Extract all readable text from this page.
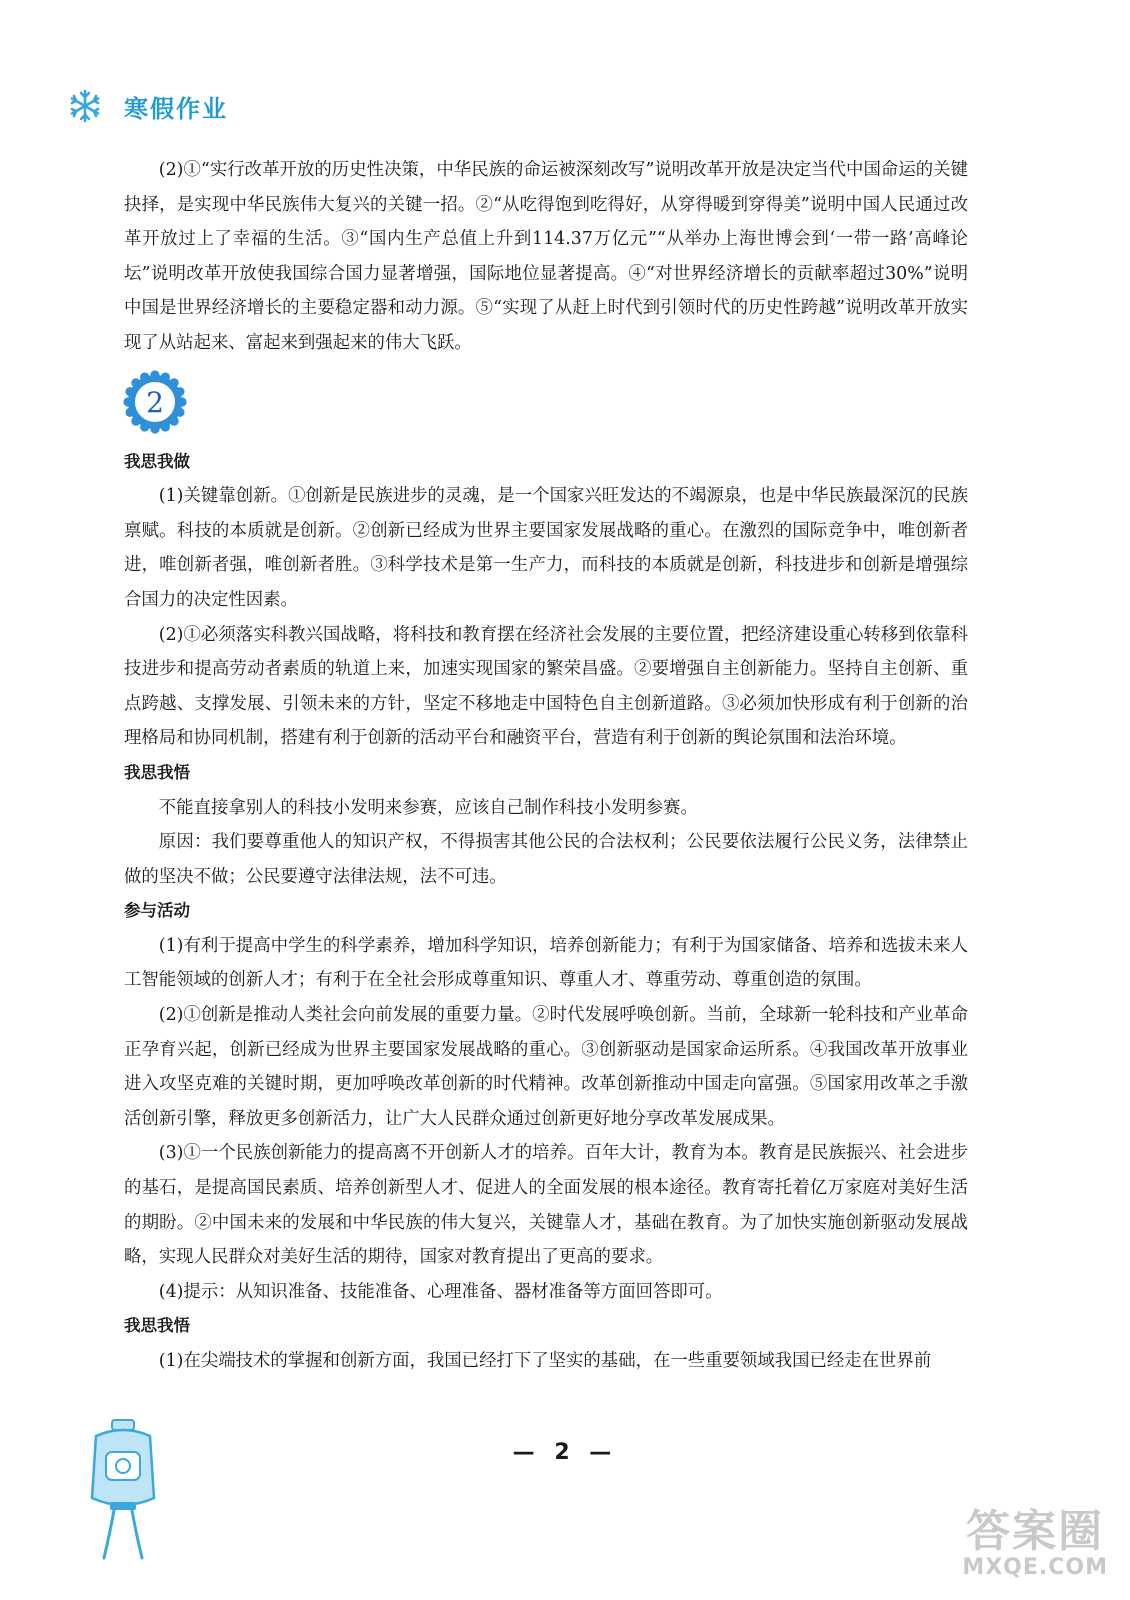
寒假作业

(2)①“实行改革开放的历史性决策，中华民族的命运被深刻改写”说明改革开放是决定当代中国命运的关键抉择，是实现中华民族伟大复兴的关键一招。②“从吃得饱到吃得好，从穿得暖到穿得美”说明中国人民通过改革开放过上了幸福的生活。③“国内生产总值上升到114.37万亿元”“从举办上海世博会到‘一带一路’高峰论坛”说明改革开放使我国综合国力显著增强，国际地位显著提高。④“对世界经济增长的贡献率超过30%”说明中国是世界经济增长的主要稳定器和动力源。⑤“实现了从赶上时代到引领时代的历史性跨越”说明改革开放实现了从站起来、富起来到强起来的伟大飞跃。

2

我思我做

(1)关键靠创新。①创新是民族进步的灵魂，是一个国家兴旺发达的不竭源泉，也是中华民族最深沉的民族禀赋。科技的本质就是创新。②创新已经成为世界主要国家发展战略的重心。在激烈的国际竞争中，唯创新者进，唯创新者强，唯创新者胜。③科学技术是第一生产力，而科技的本质就是创新，科技进步和创新是增强综合国力的决定性因素。

(2)①必须落实科教兴国战略，将科技和教育摆在经济社会发展的主要位置，把经济建设重心转移到依靠科技进步和提高劳动者素质的轨道上来，加速实现国家的繁荣昌盛。②要增强自主创新能力。坚持自主创新、重点跨越、支撑发展、引领未来的方针，坚定不移地走中国特色自主创新道路。③必须加快形成有利于创新的治理格局和协同机制，搭建有利于创新的活动平台和融资平台，营造有利于创新的舆论氛围和法治环境。

我思我悟

不能直接拿别人的科技小发明来参赛，应该自己制作科技小发明参赛。

原因：我们要尊重他人的知识产权，不得损害其他公民的合法权利；公民要依法履行公民义务，法律禁止做的坚决不做；公民要遵守法律法规，法不可违。

参与活动

(1)有利于提高中学生的科学素养，增加科学知识，培养创新能力；有利于为国家储备、培养和选拔未来人工智能领域的创新人才；有利于在全社会形成尊重知识、尊重人才、尊重劳动、尊重创造的氛围。

(2)①创新是推动人类社会向前发展的重要力量。②时代发展呼唤创新。当前，全球新一轮科技和产业革命正孕育兴起，创新已经成为世界主要国家发展战略的重心。③创新驱动是国家命运所系。④我国改革开放事业进入攻坚克难的关键时期，更加呼唤改革创新的时代精神。改革创新推动中国走向富强。⑤国家用改革之手激活创新引擎，释放更多创新活力，让广大人民群众通过创新更好地分享改革发展成果。

(3)①一个民族创新能力的提高离不开创新人才的培养。百年大计，教育为本。教育是民族振兴、社会进步的基石，是提高国民素质、培养创新型人才、促进人的全面发展的根本途径。教育寄托着亿万家庭对美好生活的期盼。②中国未来的发展和中华民族的伟大复兴，关键靠人才，基础在教育。为了加快实施创新驱动发展战略，实现人民群众对美好生活的期待，国家对教育提出了更高的要求。

(4)提示：从知识准备、技能准备、心理准备、器材准备等方面回答即可。

我思我悟

(1)在尖端技术的掌握和创新方面，我国已经打下了坚实的基础，在一些重要领域我国已经走在世界前

— 2 —
答案圈
MXQE.COM
